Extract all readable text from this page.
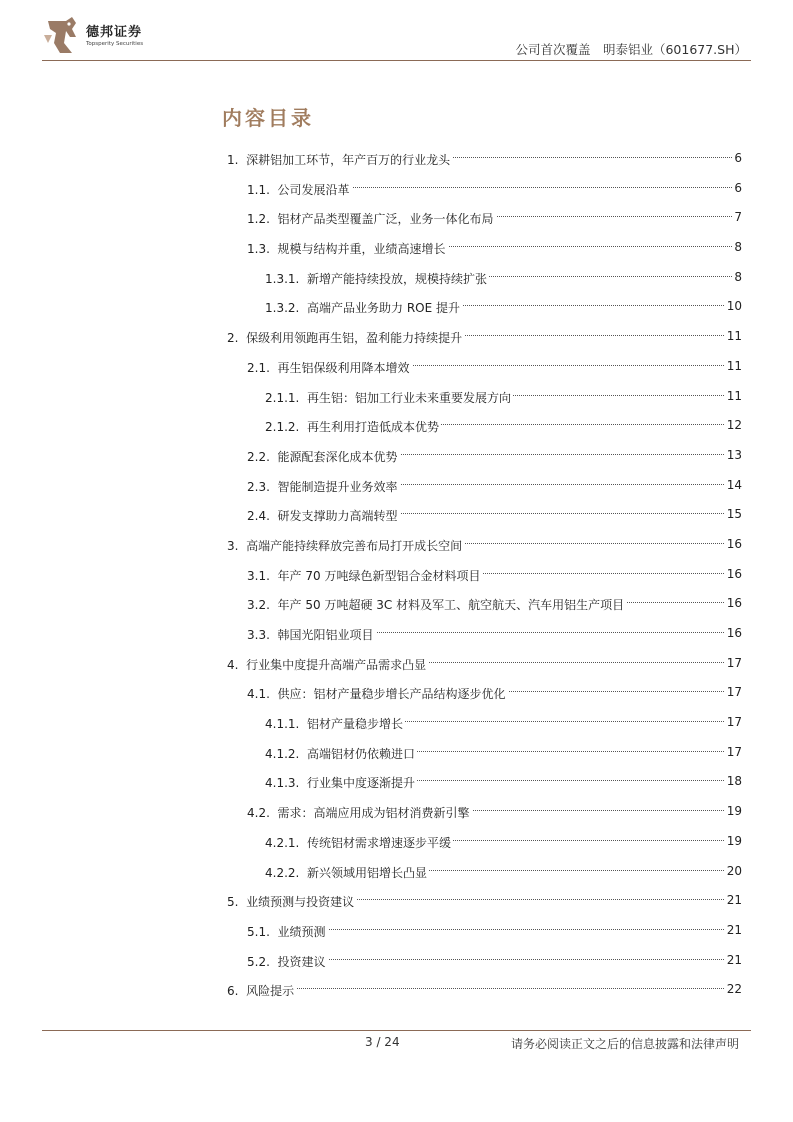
德邦证券
Topsperity Securities	公司首次覆盖　明泰铝业（601677.SH）
内容目录
1. 深耕铝加工环节，年产百万的行业龙头	6
1.1. 公司发展沿革	6
1.2. 铝材产品类型覆盖广泛，业务一体化布局	7
1.3. 规模与结构并重，业绩高速增长	8
1.3.1. 新增产能持续投放，规模持续扩张	8
1.3.2. 高端产品业务助力 ROE 提升	10
2. 保级利用领跑再生铝，盈利能力持续提升	11
2.1. 再生铝保级利用降本增效	11
2.1.1. 再生铝：铝加工行业未来重要发展方向	11
2.1.2. 再生利用打造低成本优势	12
2.2. 能源配套深化成本优势	13
2.3. 智能制造提升业务效率	14
2.4. 研发支撑助力高端转型	15
3. 高端产能持续释放完善布局打开成长空间	16
3.1. 年产 70 万吨绿色新型铝合金材料项目	16
3.2. 年产 50 万吨超硬 3C 材料及军工、航空航天、汽车用铝生产项目	16
3.3. 韩国光阳铝业项目	16
4. 行业集中度提升高端产品需求凸显	17
4.1. 供应：铝材产量稳步增长产品结构逐步优化	17
4.1.1. 铝材产量稳步增长	17
4.1.2. 高端铝材仍依赖进口	17
4.1.3. 行业集中度逐渐提升	18
4.2. 需求：高端应用成为铝材消费新引擎	19
4.2.1. 传统铝材需求增速逐步平缓	19
4.2.2. 新兴领域用铝增长凸显	20
5. 业绩预测与投资建议	21
5.1. 业绩预测	21
5.2. 投资建议	21
6. 风险提示	22
3 / 24	请务必阅读正文之后的信息披露和法律声明
